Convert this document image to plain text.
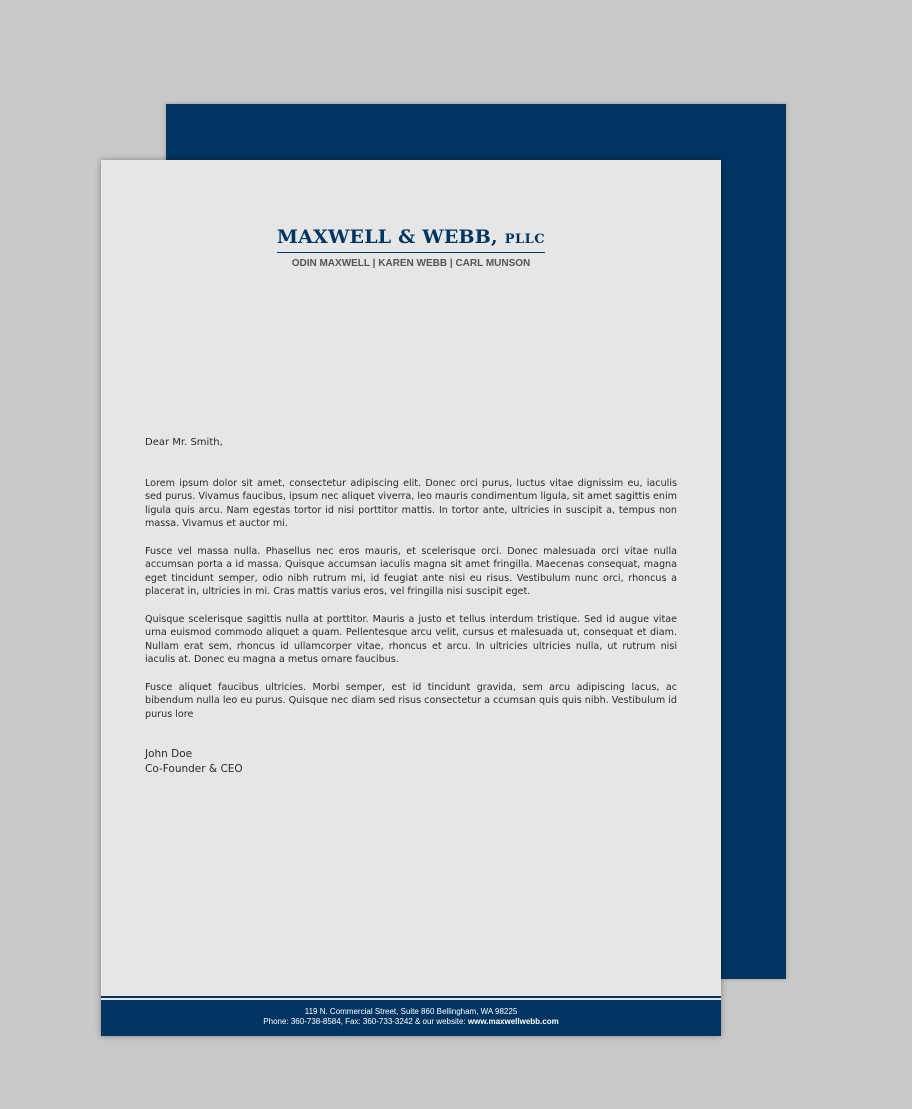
MAXWELL & WEBB, PLLC
ODIN MAXWELL | KAREN WEBB | CARL MUNSON

Dear Mr. Smith,

Lorem ipsum dolor sit amet, consectetur adipiscing elit. Donec orci purus, luctus vitae dignissim eu, iaculis sed purus. Vivamus faucibus, ipsum nec aliquet viverra, leo mauris condimentum ligula, sit amet sagittis enim ligula quis arcu. Nam egestas tortor id nisi porttitor mattis. In tortor ante, ultricies in suscipit a, tempus non massa. Vivamus et auctor mi.

Fusce vel massa nulla. Phasellus nec eros mauris, et scelerisque orci. Donec malesuada orci vitae nulla accumsan porta a id massa. Quisque accumsan iaculis magna sit amet fringilla. Maecenas consequat, magna eget tincidunt semper, odio nibh rutrum mi, id feugiat ante nisi eu risus. Vestibulum nunc orci, rhoncus a placerat in, ultricies in mi. Cras mattis varius eros, vel fringilla nisi suscipit eget.

Quisque scelerisque sagittis nulla at porttitor. Mauris a justo et tellus interdum tristique. Sed id augue vitae urna euismod commodo aliquet a quam. Pellentesque arcu velit, cursus et malesuada ut, consequat et diam. Nullam erat sem, rhoncus id ullamcorper vitae, rhoncus et arcu. In ultricies ultricies nulla, ut rutrum nisi iaculis at. Donec eu magna a metus ornare faucibus.

Fusce aliquet faucibus ultricies. Morbi semper, est id tincidunt gravida, sem arcu adipiscing lacus, ac bibendum nulla leo eu purus. Quisque nec diam sed risus consectetur a ccumsan quis quis nibh. Vestibulum id purus lore

John Doe
Co-Founder & CEO
119 N. Commercial Street, Suite 860 Bellingham, WA 98225
Phone: 360-738-8584, Fax: 360-733-3242 & our website: www.maxwellwebb.com
